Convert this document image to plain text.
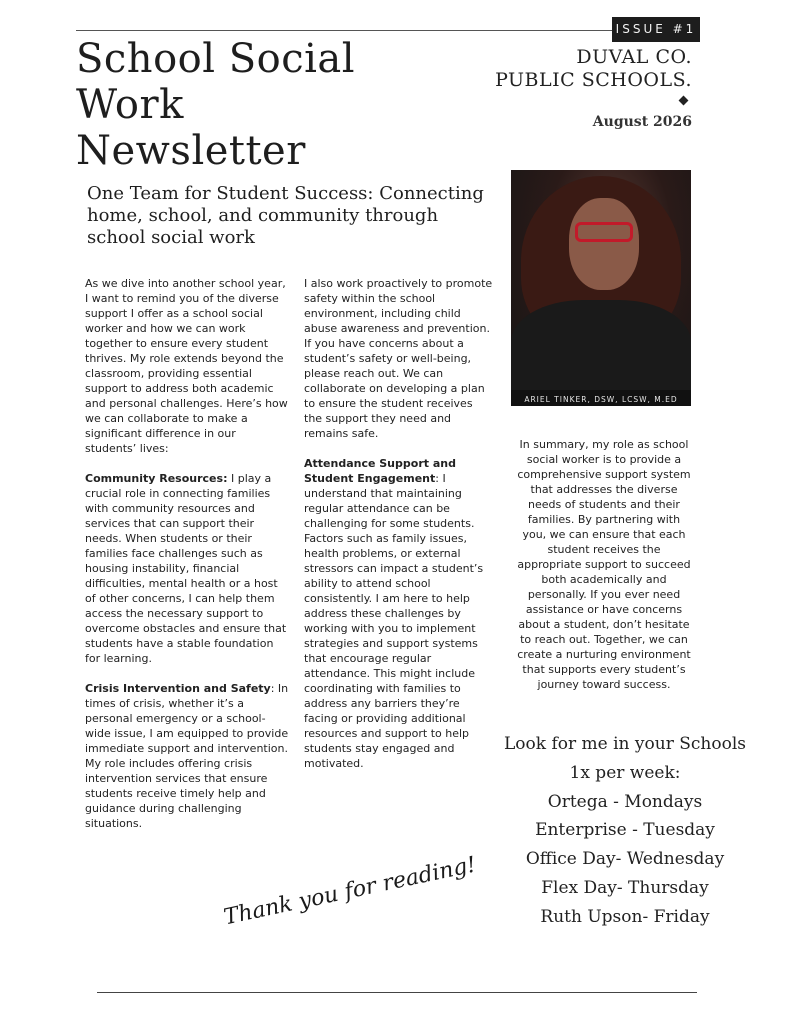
ISSUE #1
School Social
Work
Newsletter
DUVAL CO.
PUBLIC SCHOOLS.
August 2026
One Team for Student Success: Connecting home, school, and community through school social work

As we dive into another school year, I want to remind you of the diverse support I offer as a school social worker and how we can work together to ensure every student thrives. My role extends beyond the classroom, providing essential support to address both academic and personal challenges. Here’s how we can collaborate to make a significant difference in our students’ lives:

Community Resources: I play a crucial role in connecting families with community resources and services that can support their needs. When students or their families face challenges such as housing instability, financial difficulties, mental health or a host of other concerns, I can help them access the necessary support to overcome obstacles and ensure that students have a stable foundation for learning.

Crisis Intervention and Safety: In times of crisis, whether it’s a personal emergency or a school-wide issue, I am equipped to provide immediate support and intervention. My role includes offering crisis intervention services that ensure students receive timely help and guidance during challenging situations.

I also work proactively to promote safety within the school environment, including child abuse awareness and prevention. If you have concerns about a student’s safety or well-being, please reach out. We can collaborate on developing a plan to ensure the student receives the support they need and remains safe.

Attendance Support and Student Engagement: I understand that maintaining regular attendance can be challenging for some students. Factors such as family issues, health problems, or external stressors can impact a student’s ability to attend school consistently. I am here to help address these challenges by working with you to implement strategies and support systems that encourage regular attendance. This might include coordinating with families to address any barriers they’re facing or providing additional resources and support to help students stay engaged and motivated.

ARIEL TINKER, DSW, LCSW, M.ED
In summary, my role as school social worker is to provide a comprehensive support system that addresses the diverse needs of students and their families. By partnering with you, we can ensure that each student receives the appropriate support to succeed both academically and personally. If you ever need assistance or have concerns about a student, don’t hesitate to reach out. Together, we can create a nurturing environment that supports every student’s journey toward success.
Look for me in your Schools
1x per week:
Ortega - Mondays
Enterprise - Tuesday
Office Day- Wednesday
Flex Day- Thursday
Ruth Upson- Friday
Thank you for reading!
